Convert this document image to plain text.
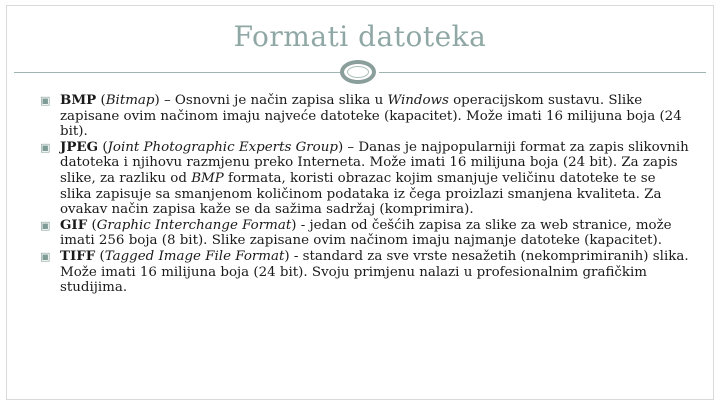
Formati datoteka
▣ BMP (Bitmap) – Osnovni je način zapisa slika u Windows operacijskom sustavu. Slike zapisane ovim načinom imaju najveće datoteke (kapacitet). Može imati 16 milijuna boja (24 bit).
▣ JPEG (Joint Photographic Experts Group) – Danas je najpopularniji format za zapis slikovnih datoteka i njihovu razmjenu preko Interneta. Može imati 16 milijuna boja (24 bit). Za zapis slike, za razliku od BMP formata, koristi obrazac kojim smanjuje veličinu datoteke te se slika zapisuje sa smanjenom količinom podataka iz čega proizlazi smanjena kvaliteta. Za ovakav način zapisa kaže se da sažima sadržaj (komprimira).
▣ GIF (Graphic Interchange Format) - jedan od češćih zapisa za slike za web stranice, može imati 256 boja (8 bit). Slike zapisane ovim načinom imaju najmanje datoteke (kapacitet).
▣ TIFF (Tagged Image File Format) - standard za sve vrste nesažetih (nekomprimiranih) slika. Može imati 16 milijuna boja (24 bit). Svoju primjenu nalazi u profesionalnim grafičkim studijima.
